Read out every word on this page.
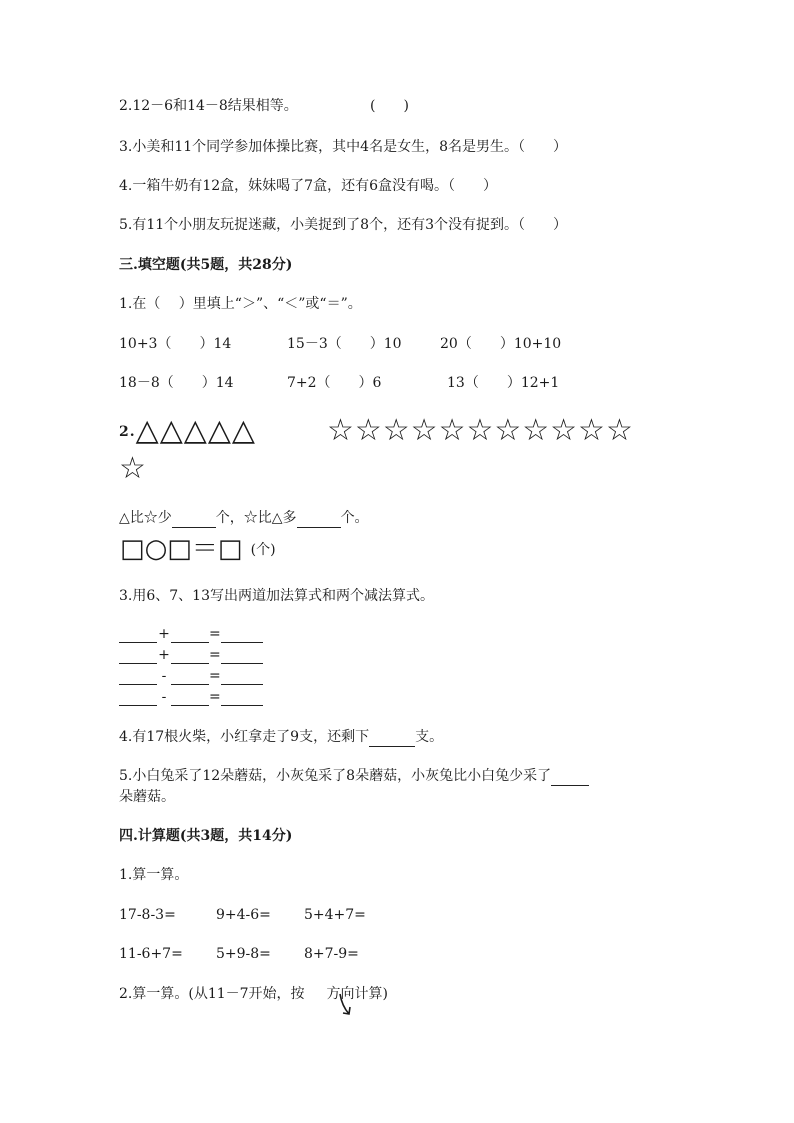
2.12－6和14－8结果相等。	(　　)
3.小美和11个同学参加体操比赛，其中4名是女生，8名是男生。（　　）
4.一箱牛奶有12盒，妹妹喝了7盒，还有6盒没有喝。（　　）
5.有11个小朋友玩捉迷藏，小美捉到了8个，还有3个没有捉到。（　　）
三.填空题(共5题，共28分)
1.在（　 ）里填上“＞”、“＜”或“＝”。
10+3（　　）14	15－3（　　）10	20（　　）10+10
18－8（　　）14	7+2（　　）6	13（　　）12+1
2.△△△△△ ☆☆☆☆☆☆☆☆☆☆☆
☆
△比☆少	个，☆比△多	个。
□○□＝□ (个)
3.用6、7、13写出两道加法算式和两个减法算式。
+	=
+	=
-	=
-	=
4.有17根火柴，小红拿走了9支，还剩下	支。
5.小白兔采了12朵蘑菇，小灰兔采了8朵蘑菇，小灰兔比小白兔少采了
朵蘑菇。
四.计算题(共3题，共14分)
1.算一算。
17-8-3=	9+4-6= 5+4+7=
11-6+7= 5+9-8= 8+7-9=
2.算一算。(从11－7开始，按 方向计算)
